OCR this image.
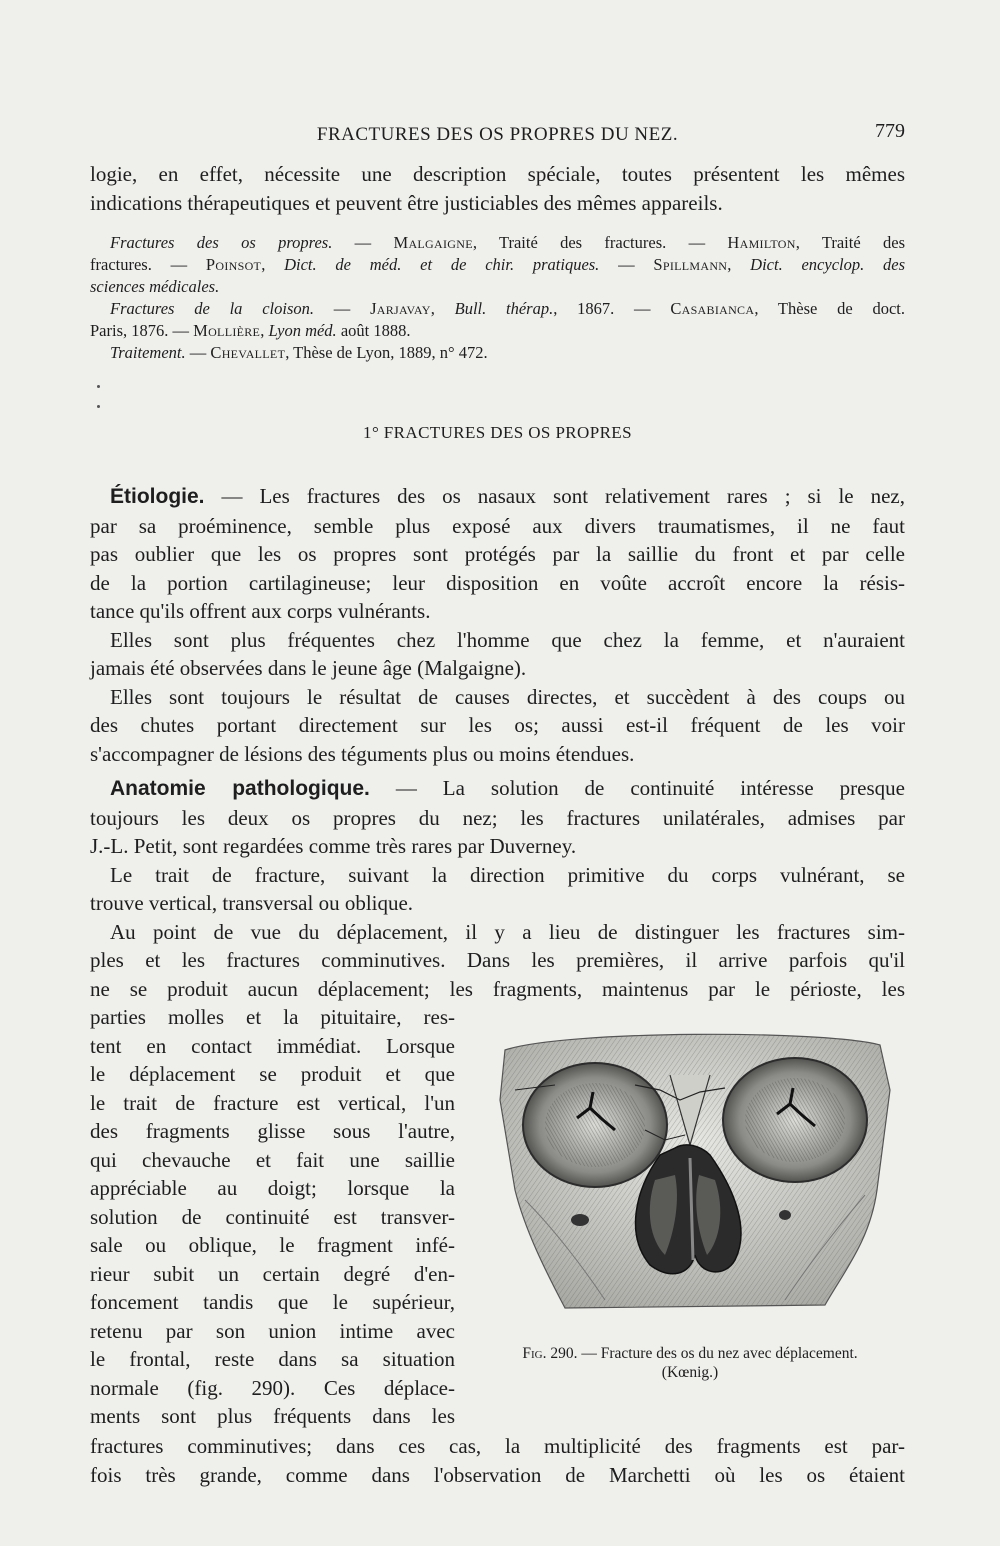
FRACTURES DES OS PROPRES DU NEZ.	779
logie, en effet, nécessite une description spéciale, toutes présentent les mêmes
indications thérapeutiques et peuvent être justiciables des mêmes appareils.
Fractures des os propres. — Malgaigne, Traité des fractures. — Hamilton, Traité des
fractures. — Poinsot, Dict. de méd. et de chir. pratiques. — Spillmann, Dict. encyclop. des
sciences médicales.
Fractures de la cloison. — Jarjavay, Bull. thérap., 1867. — Casabianca, Thèse de doct.
Paris, 1876. — Mollière, Lyon méd. août 1888.
Traitement. — Chevallet, Thèse de Lyon, 1889, n° 472.
1° FRACTURES DES OS PROPRES
Étiologie. — Les fractures des os nasaux sont relativement rares ; si le nez,
par sa proéminence, semble plus exposé aux divers traumatismes, il ne faut
pas oublier que les os propres sont protégés par la saillie du front et par celle
de la portion cartilagineuse; leur disposition en voûte accroît encore la résis-
tance qu'ils offrent aux corps vulnérants.
Elles sont plus fréquentes chez l'homme que chez la femme, et n'auraient
jamais été observées dans le jeune âge (Malgaigne).
Elles sont toujours le résultat de causes directes, et succèdent à des coups ou
des chutes portant directement sur les os; aussi est-il fréquent de les voir
s'accompagner de lésions des téguments plus ou moins étendues.
Anatomie pathologique. — La solution de continuité intéresse presque
toujours les deux os propres du nez; les fractures unilatérales, admises par
J.-L. Petit, sont regardées comme très rares par Duverney.
Le trait de fracture, suivant la direction primitive du corps vulnérant, se
trouve vertical, transversal ou oblique.
Au point de vue du déplacement, il y a lieu de distinguer les fractures sim-
ples et les fractures comminutives. Dans les premières, il arrive parfois qu'il
ne se produit aucun déplacement; les fragments, maintenus par le périoste, les
parties molles et la pituitaire, res-
tent en contact immédiat. Lorsque
le déplacement se produit et que
le trait de fracture est vertical, l'un
des fragments glisse sous l'autre,
qui chevauche et fait une saillie
appréciable au doigt; lorsque la
solution de continuité est transver-
sale ou oblique, le fragment infé-
rieur subit un certain degré d'en-
foncement tandis que le supérieur,
retenu par son union intime avec
le frontal, reste dans sa situation
normale (fig. 290). Ces déplace-
ments sont plus fréquents dans les
fractures comminutives; dans ces cas, la multiplicité des fragments est par-
fois très grande, comme dans l'observation de Marchetti où les os étaient
Fig. 290. — Fracture des os du nez avec déplacement.
(Kœnig.)
